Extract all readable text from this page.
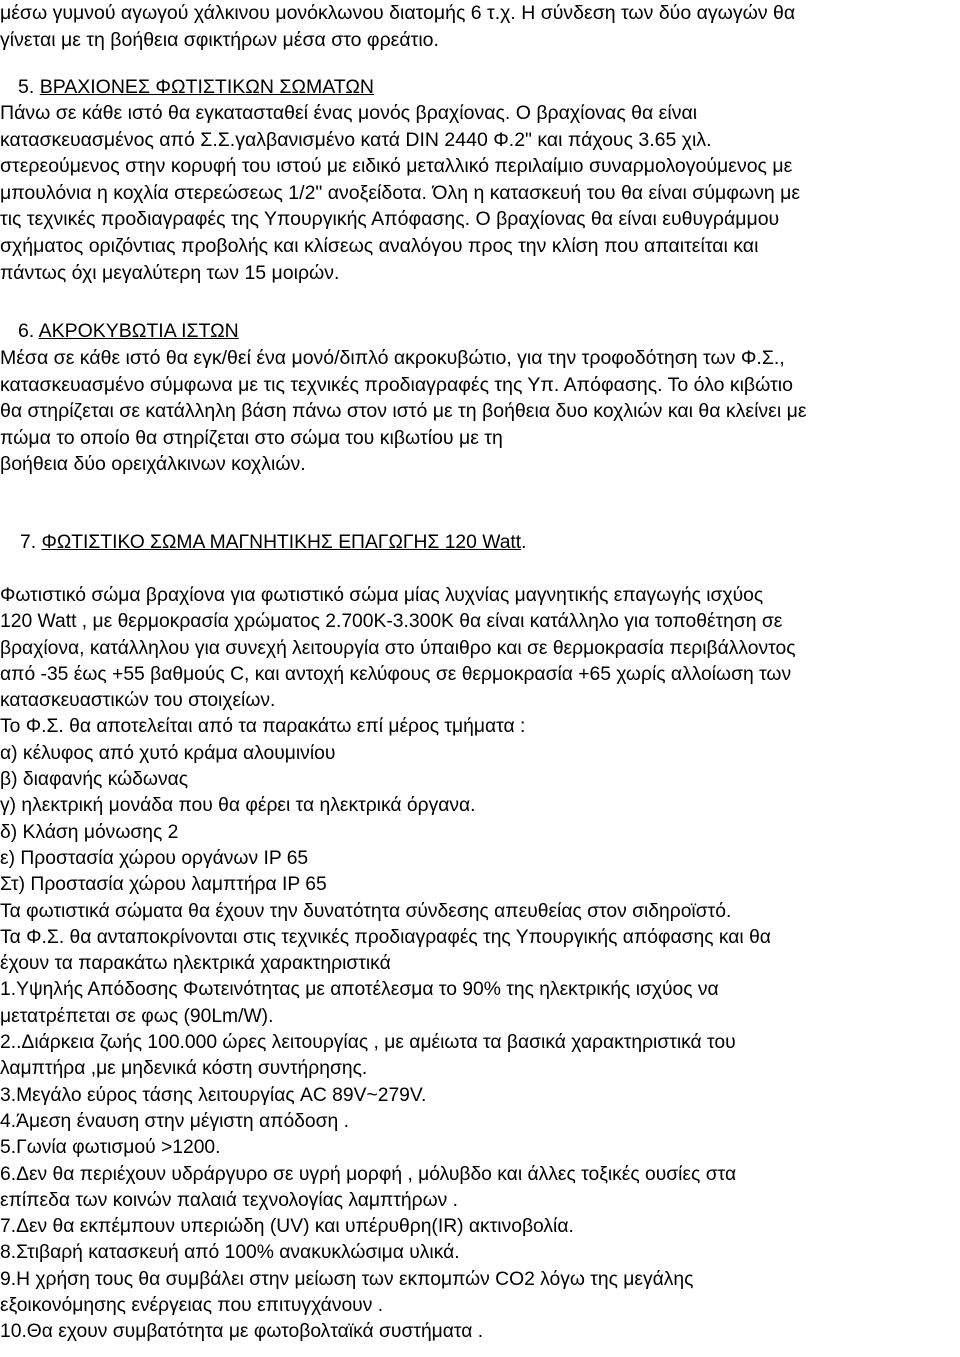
μέσω γυμνού αγωγού χάλκινου μονόκλωνου διατομής 6 τ.χ. Η σύνδεση των δύο αγωγών θα
γίνεται με τη βοήθεια σφικτήρων μέσα στο φρεάτιο.
5. ΒΡΑΧΙΟΝΕΣ ΦΩΤΙΣΤΙΚΩΝ ΣΩΜΑΤΩΝ
Πάνω σε κάθε ιστό θα εγκατασταθεί ένας μονός βραχίονας. Ο βραχίονας θα είναι
κατασκευασμένος από Σ.Σ.γαλβανισμένο κατά DIN 2440 Φ.2" και πάχους 3.65 χιλ.
στερεούμενος στην κορυφή του ιστού με ειδικό μεταλλικό περιλαίμιο συναρμολογούμενος με
μπουλόνια η κοχλία στερεώσεως 1/2" ανοξείδοτα. Όλη η κατασκευή του θα είναι σύμφωνη με
τις τεχνικές προδιαγραφές της Υπουργικής Απόφασης. Ο βραχίονας θα είναι ευθυγράμμου
σχήματος οριζόντιας προβολής και κλίσεως αναλόγου προς την κλίση που απαιτείται και
πάντως όχι μεγαλύτερη των 15 μοιρών.
6. ΑΚΡΟΚΥΒΩΤΙΑ ΙΣΤΩΝ
Μέσα σε κάθε ιστό θα εγκ/θεί ένα μονό/διπλό ακροκυβώτιο, για την τροφοδότηση των Φ.Σ.,
κατασκευασμένο σύμφωνα με τις τεχνικές προδιαγραφές της Υπ. Απόφασης. Το όλο κιβώτιο
θα στηρίζεται σε κατάλληλη βάση πάνω στον ιστό με τη βοήθεια δυο κοχλιών και θα κλείνει με
πώμα το οποίο θα στηρίζεται στο σώμα του κιβωτίου με τη
βοήθεια δύο ορειχάλκινων κοχλιών.
7. ΦΩΤΙΣΤΙΚΟ ΣΩΜΑ ΜΑΓΝΗΤΙΚΗΣ ΕΠΑΓΩΓΗΣ 120 Watt.
Φωτιστικό σώμα βραχίονα για φωτιστικό σώμα μίας λυχνίας μαγνητικής επαγωγής ισχύος
120 Watt , με θερμοκρασία χρώματος 2.700K-3.300K θα είναι κατάλληλο για τοποθέτηση σε
βραχίονα, κατάλληλου για συνεχή λειτουργία στο ύπαιθρο και σε θερμοκρασία περιβάλλοντος
από -35 έως +55 βαθμούς C, και αντοχή κελύφους σε θερμοκρασία +65 χωρίς αλλοίωση των
κατασκευαστικών του στοιχείων.
Το Φ.Σ. θα αποτελείται από τα παρακάτω επί μέρος τμήματα :
α) κέλυφος από χυτό κράμα αλουμινίου
β) διαφανής κώδωνας
γ) ηλεκτρική μονάδα που θα φέρει τα ηλεκτρικά όργανα.
δ) Κλάση μόνωσης 2
ε) Προστασία χώρου οργάνων IP 65
Στ) Προστασία χώρου λαμπτήρα IP 65
Τα φωτιστικά σώματα θα έχουν την δυνατότητα σύνδεσης απευθείας στον σιδηροϊστό.
Τα Φ.Σ. θα ανταποκρίνονται στις τεχνικές προδιαγραφές της Υπουργικής απόφασης και θα
έχουν τα παρακάτω ηλεκτρικά χαρακτηριστικά
1.Υψηλής Απόδοσης Φωτεινότητας με αποτέλεσμα το 90% της ηλεκτρικής ισχύος να
μετατρέπεται σε φως (90Lm/W).
2..Διάρκεια ζωής 100.000 ώρες λειτουργίας , με αμέιωτα τα βασικά χαρακτηριστικά του
λαμπτήρα ,με μηδενικά κόστη συντήρησης.
3.Μεγάλο εύρος τάσης λειτουργίας AC 89V~279V.
4.Άμεση έναυση στην μέγιστη απόδοση .
5.Γωνία φωτισμού >1200.
6.Δεν θα περιέχουν υδράργυρο σε υγρή μορφή , μόλυβδο και άλλες τοξικές ουσίες στα
επίπεδα των κοινών παλαιά τεχνολογίας λαμπτήρων .
7.Δεν θα εκπέμπουν υπεριώδη (UV) και υπέρυθρη(IR) ακτινοβολία.
8.Στιβαρή κατασκευή από 100% ανακυκλώσιμα υλικά.
9.Η χρήση τους θα συμβάλει στην μείωση των εκπομπών CO2 λόγω της μεγάλης
εξοικονόμησης ενέργειας που επιτυγχάνουν .
10.Θα εχουν συμβατότητα με φωτοβολταϊκά συστήματα .
